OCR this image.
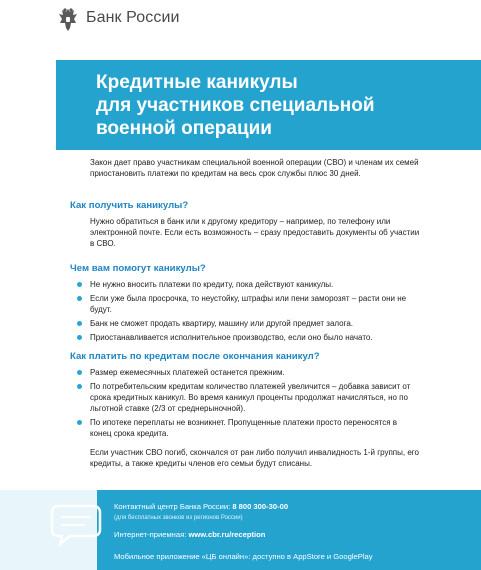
Банк России
Кредитные каникулы
для участников специальной
военной операции
Закон дает право участникам специальной военной операции (СВО) и членам их семей приостановить платежи по кредитам на весь срок службы плюс 30 дней.
Как получить каникулы?
Нужно обратиться в банк или к другому кредитору – например, по телефону или электронной почте. Если есть возможность – сразу предоставить документы об участии в СВО.
Чем вам помогут каникулы?
Не нужно вносить платежи по кредиту, пока действуют каникулы.
Если уже была просрочка, то неустойку, штрафы или пени заморозят – расти они не будут.
Банк не сможет продать квартиру, машину или другой предмет залога.
Приостанавливается исполнительное производство, если оно было начато.
Как платить по кредитам после окончания каникул?
Размер ежемесячных платежей останется прежним.
По потребительским кредитам количество платежей увеличится – добавка зависит от срока кредитных каникул. Во время каникул проценты продолжат начисляться, но по льготной ставке (2/3 от среднерыночной).
По ипотеке переплаты не возникнет. Пропущенные платежи просто переносятся в конец срока кредита.
Если участник СВО погиб, скончался от ран либо получил инвалидность 1-й группы, его кредиты, а также кредиты членов его семьи будут списаны.
Контактный центр Банка России: 8 800 300-30-00
(для бесплатных звонков из регионов России)
Интернет-приемная: www.cbr.ru/reception
Мобильное приложение «ЦБ онлайн»: доступно в AppStore и GooglePlay
